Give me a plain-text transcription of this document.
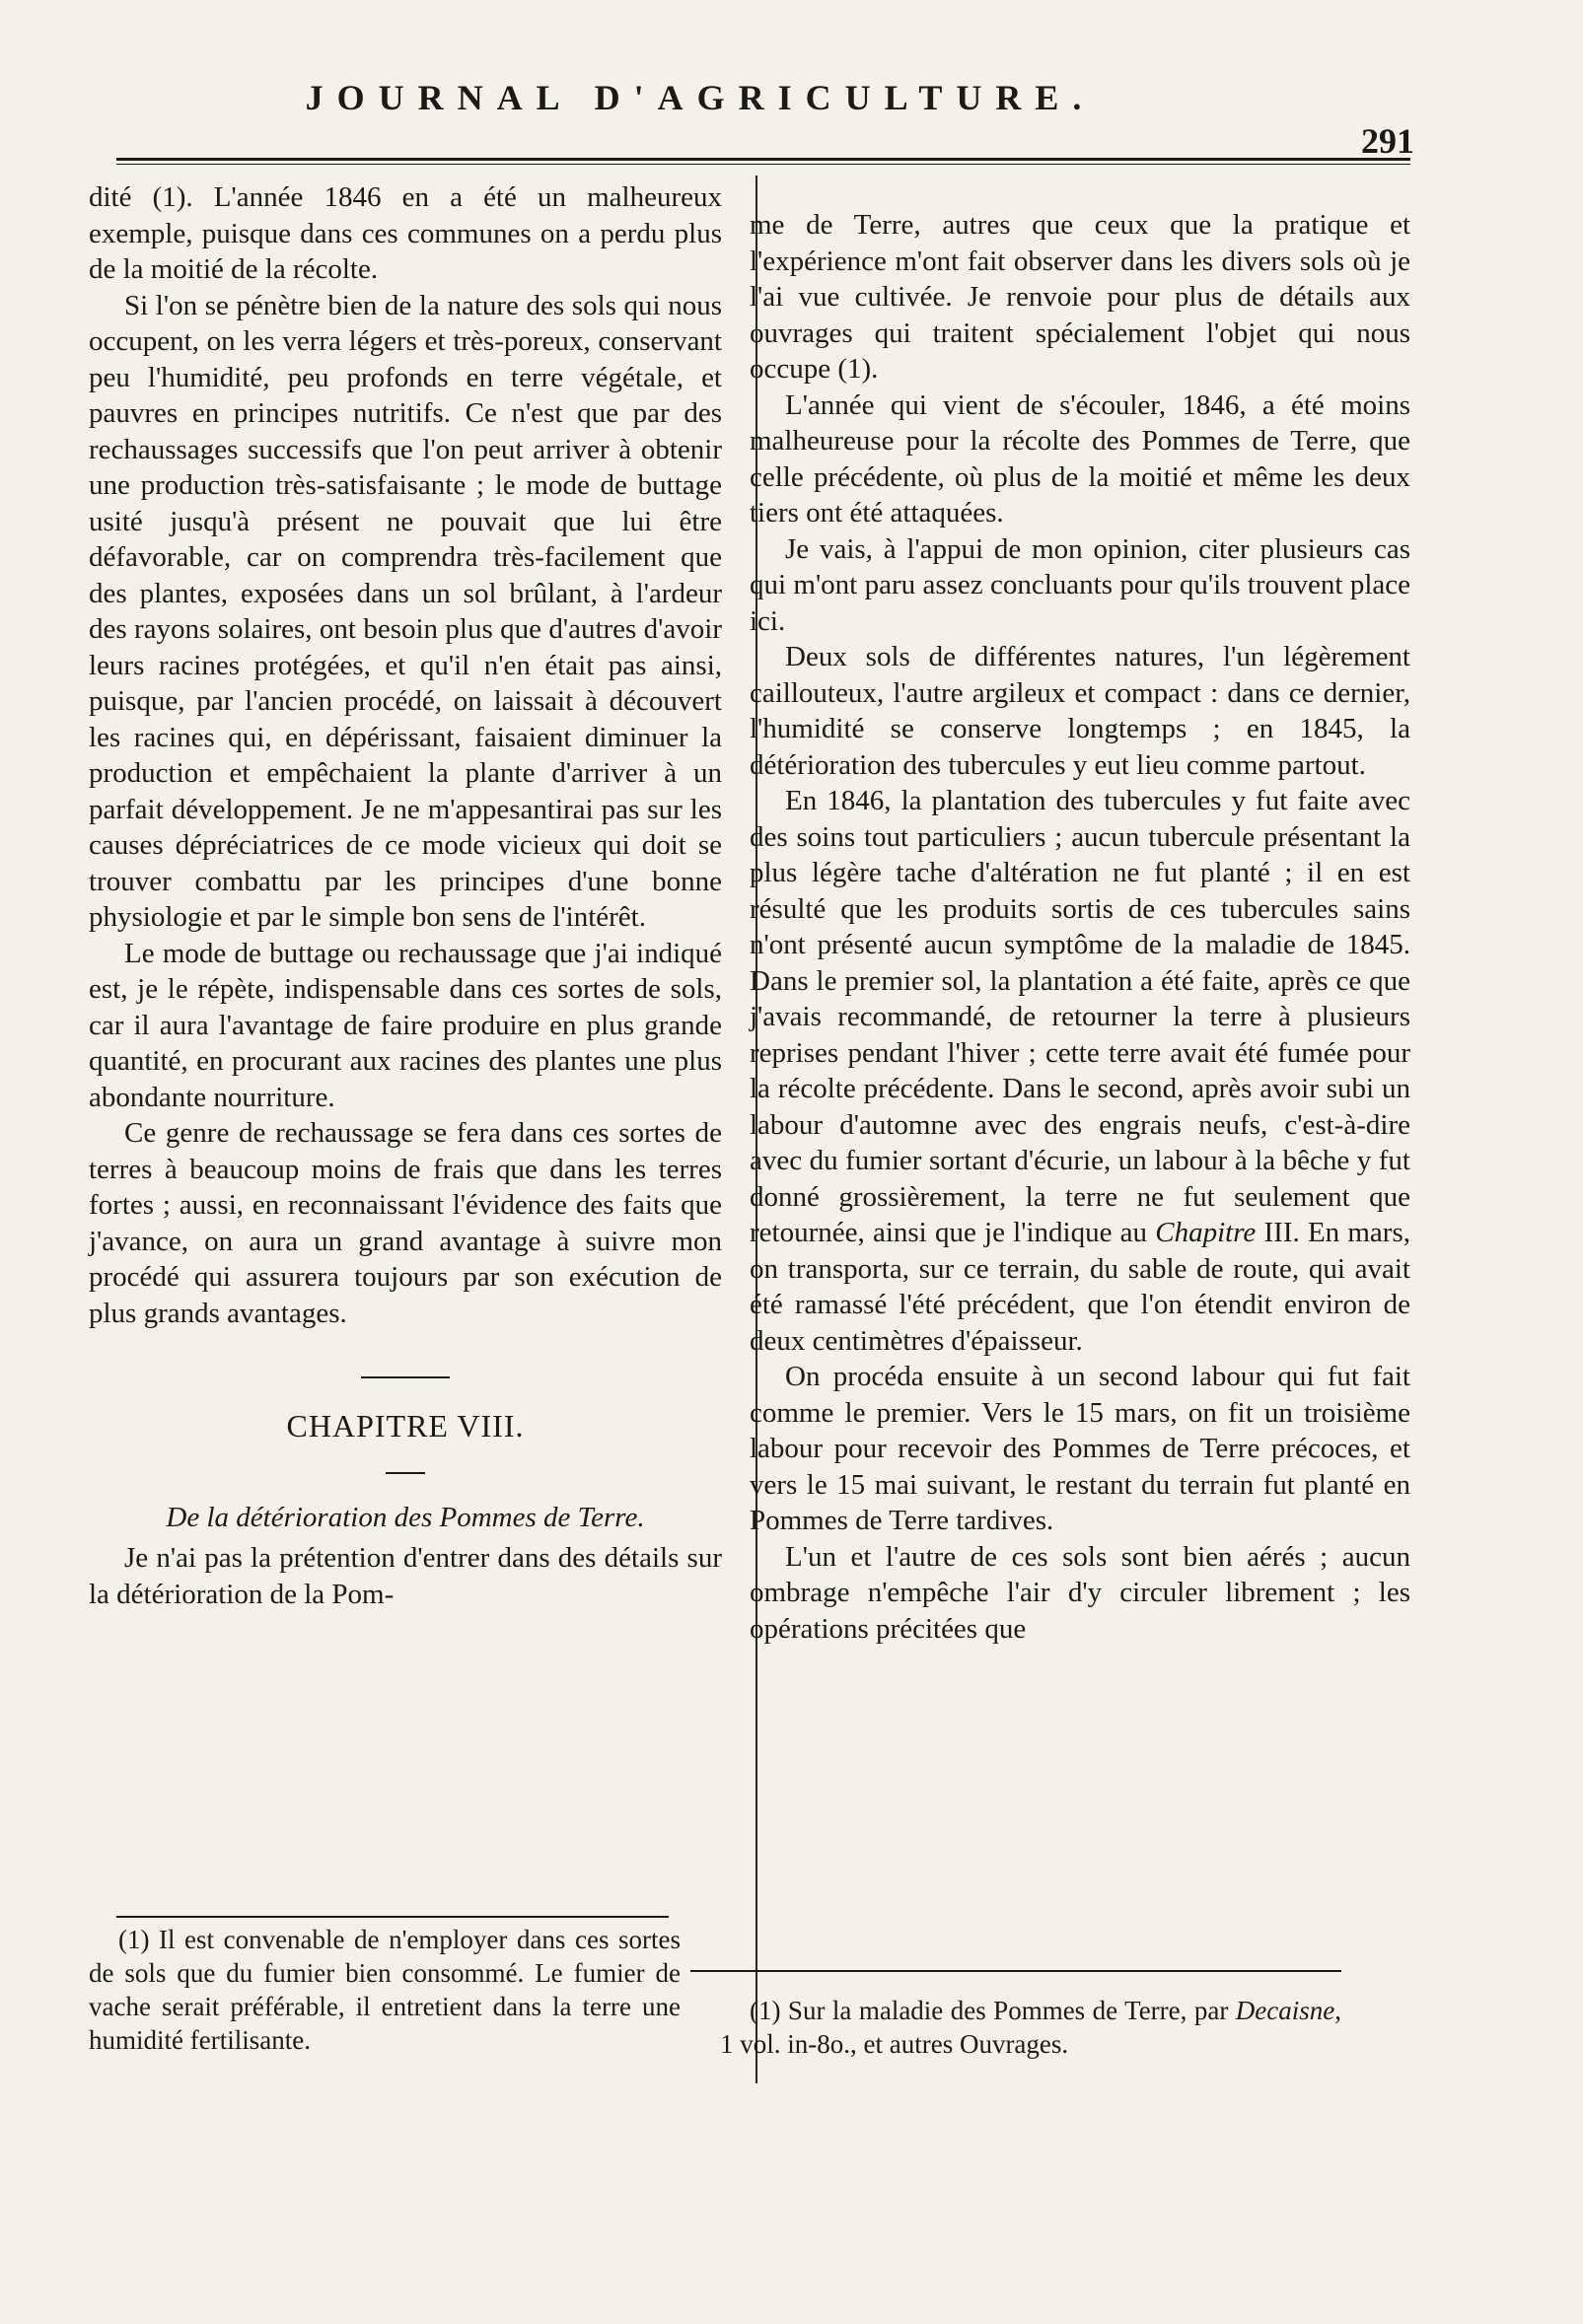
JOURNAL D'AGRICULTURE.
291

dité (1). L'année 1846 en a été un malheureux exemple, puisque dans ces communes on a perdu plus de la moitié de la récolte.

Si l'on se pénètre bien de la nature des sols qui nous occupent, on les verra légers et très-poreux, conservant peu l'humidité, peu profonds en terre végétale, et pauvres en principes nutritifs. Ce n'est que par des rechaussages successifs que l'on peut arriver à obtenir une production très-satisfaisante ; le mode de buttage usité jusqu'à présent ne pouvait que lui être défavorable, car on comprendra très-facilement que des plantes, exposées dans un sol brûlant, à l'ardeur des rayons solaires, ont besoin plus que d'autres d'avoir leurs racines protégées, et qu'il n'en était pas ainsi, puisque, par l'ancien procédé, on laissait à découvert les racines qui, en dépérissant, faisaient diminuer la production et empêchaient la plante d'arriver à un parfait développement. Je ne m'appesantirai pas sur les causes dépréciatrices de ce mode vicieux qui doit se trouver combattu par les principes d'une bonne physiologie et par le simple bon sens de l'intérêt.

Le mode de buttage ou rechaussage que j'ai indiqué est, je le répète, indispensable dans ces sortes de sols, car il aura l'avantage de faire produire en plus grande quantité, en procurant aux racines des plantes une plus abondante nourriture.

Ce genre de rechaussage se fera dans ces sortes de terres à beaucoup moins de frais que dans les terres fortes ; aussi, en reconnaissant l'évidence des faits que j'avance, on aura un grand avantage à suivre mon procédé qui assurera toujours par son exécution de plus grands avantages.

CHAPITRE VIII.

De la détérioration des Pommes de Terre.

Je n'ai pas la prétention d'entrer dans des détails sur la détérioration de la Pom-

me de Terre, autres que ceux que la pratique et l'expérience m'ont fait observer dans les divers sols où je l'ai vue cultivée. Je renvoie pour plus de détails aux ouvrages qui traitent spécialement l'objet qui nous occupe (1).

L'année qui vient de s'écouler, 1846, a été moins malheureuse pour la récolte des Pommes de Terre, que celle précédente, où plus de la moitié et même les deux tiers ont été attaquées.

Je vais, à l'appui de mon opinion, citer plusieurs cas qui m'ont paru assez concluants pour qu'ils trouvent place ici.

Deux sols de différentes natures, l'un légèrement caillouteux, l'autre argileux et compact : dans ce dernier, l'humidité se conserve longtemps ; en 1845, la détérioration des tubercules y eut lieu comme partout.

En 1846, la plantation des tubercules y fut faite avec des soins tout particuliers ; aucun tubercule présentant la plus légère tache d'altération ne fut planté ; il en est résulté que les produits sortis de ces tubercules sains n'ont présenté aucun symptôme de la maladie de 1845. Dans le premier sol, la plantation a été faite, après ce que j'avais recommandé, de retourner la terre à plusieurs reprises pendant l'hiver ; cette terre avait été fumée pour la récolte précédente. Dans le second, après avoir subi un labour d'automne avec des engrais neufs, c'est-à-dire avec du fumier sortant d'écurie, un labour à la bêche y fut donné grossièrement, la terre ne fut seulement que retournée, ainsi que je l'indique au Chapitre III. En mars, on transporta, sur ce terrain, du sable de route, qui avait été ramassé l'été précédent, que l'on étendit environ de deux centimètres d'épaisseur.

On procéda ensuite à un second labour qui fut fait comme le premier. Vers le 15 mars, on fit un troisième labour pour recevoir des Pommes de Terre précoces, et vers le 15 mai suivant, le restant du terrain fut planté en Pommes de Terre tardives.

L'un et l'autre de ces sols sont bien aérés ; aucun ombrage n'empêche l'air d'y circuler librement ; les opérations précitées que

(1) Il est convenable de n'employer dans ces sortes de sols que du fumier bien consommé. Le fumier de vache serait préférable, il entretient dans la terre une humidité fertilisante.
(1) Sur la maladie des Pommes de Terre, par Decaisne, 1 vol. in-8o., et autres Ouvrages.
